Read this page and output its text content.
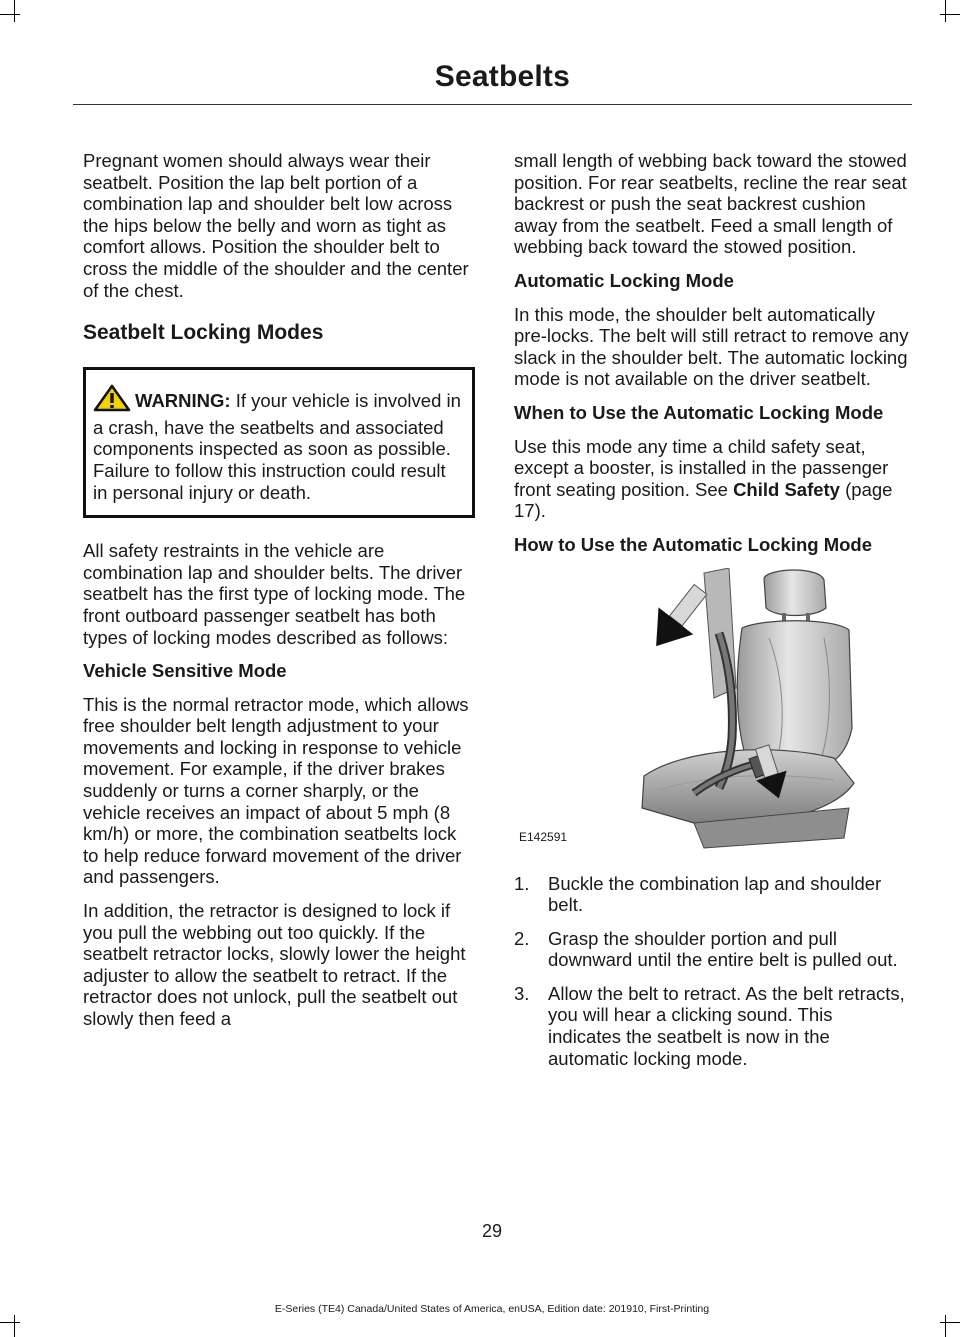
Seatbelts

Pregnant women should always wear their seatbelt. Position the lap belt portion of a combination lap and shoulder belt low across the hips below the belly and worn as tight as comfort allows. Position the shoulder belt to cross the middle of the shoulder and the center of the chest.

Seatbelt Locking Modes
WARNING: If your vehicle is involved in a crash, have the seatbelts and associated components inspected as soon as possible. Failure to follow this instruction could result in personal injury or death.

All safety restraints in the vehicle are combination lap and shoulder belts. The driver seatbelt has the first type of locking mode. The front outboard passenger seatbelt has both types of locking modes described as follows:

Vehicle Sensitive Mode

This is the normal retractor mode, which allows free shoulder belt length adjustment to your movements and locking in response to vehicle movement. For example, if the driver brakes suddenly or turns a corner sharply, or the vehicle receives an impact of about 5 mph (8 km/h) or more, the combination seatbelts lock to help reduce forward movement of the driver and passengers.

In addition, the retractor is designed to lock if you pull the webbing out too quickly. If the seatbelt retractor locks, slowly lower the height adjuster to allow the seatbelt to retract. If the retractor does not unlock, pull the seatbelt out slowly then feed a

small length of webbing back toward the stowed position. For rear seatbelts, recline the rear seat backrest or push the seat backrest cushion away from the seatbelt. Feed a small length of webbing back toward the stowed position.

Automatic Locking Mode

In this mode, the shoulder belt automatically pre-locks. The belt will still retract to remove any slack in the shoulder belt. The automatic locking mode is not available on the driver seatbelt.

When to Use the Automatic Locking Mode

Use this mode any time a child safety seat, except a booster, is installed in the passenger front seating position. See Child Safety (page 17).

How to Use the Automatic Locking Mode
E142591
1. Buckle the combination lap and shoulder belt.
2. Grasp the shoulder portion and pull downward until the entire belt is pulled out.
3. Allow the belt to retract. As the belt retracts, you will hear a clicking sound. This indicates the seatbelt is now in the automatic locking mode.
29
E-Series (TE4) Canada/United States of America, enUSA, Edition date: 201910, First-Printing
